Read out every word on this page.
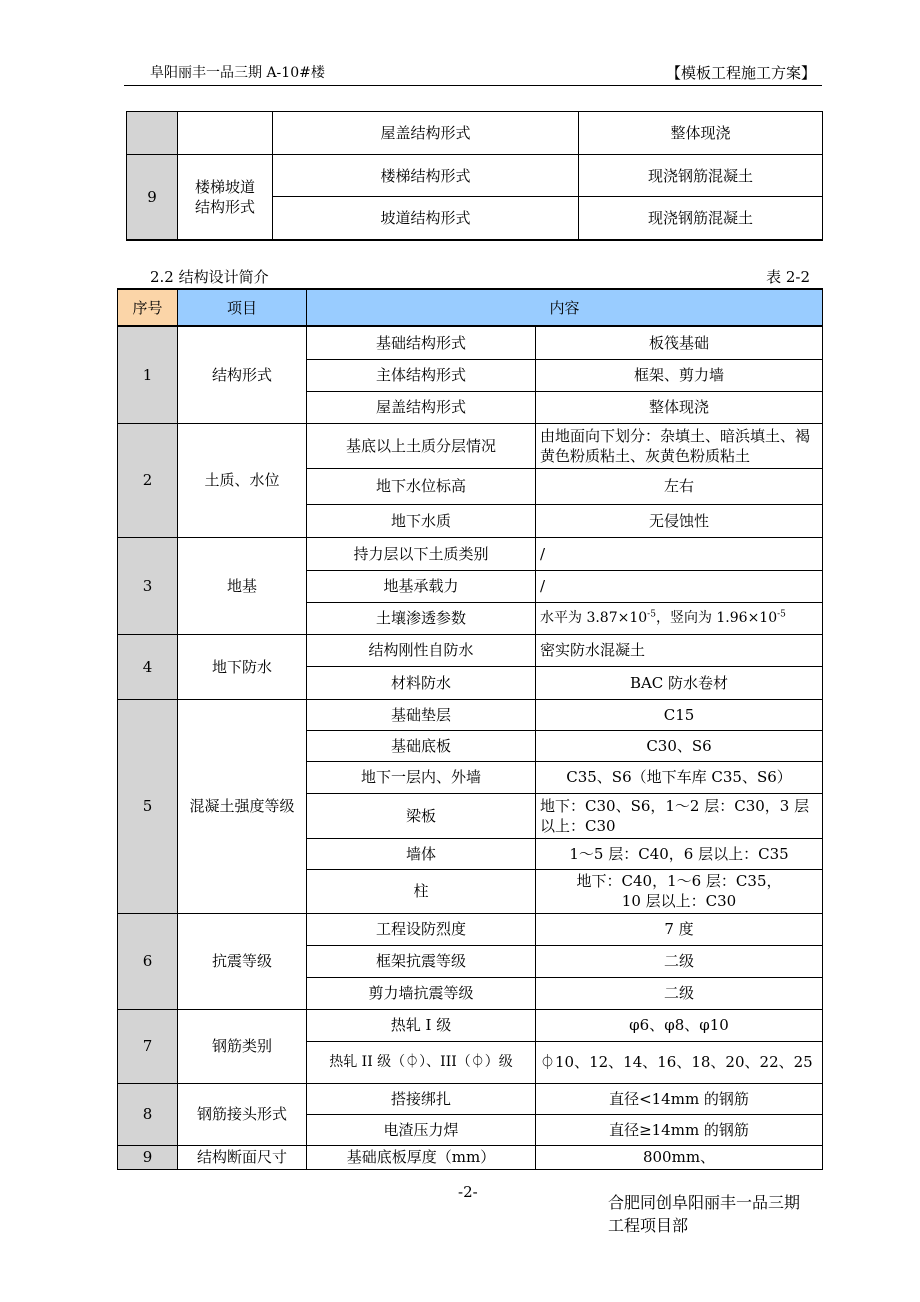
阜阳丽丰一品三期 A-10#楼	【模板工程施工方案】
		屋盖结构形式	整体现浇
9	楼梯坡道结构形式	楼梯结构形式	现浇钢筋混凝土
		坡道结构形式	现浇钢筋混凝土
2.2 结构设计简介	表 2-2
序号	项目	内容	
1	结构形式	基础结构形式	板筏基础
		主体结构形式	框架、剪力墙
		屋盖结构形式	整体现浇
2	土质、水位	基底以上土质分层情况	由地面向下划分：杂填土、暗浜填土、褐黄色粉质粘土、灰黄色粉质粘土
		地下水位标高	左右
		地下水质	无侵蚀性
3	地基	持力层以下土质类别	/
		地基承载力	/
		土壤渗透参数	水平为 $3.87\times 10^{-5}$，竖向为 $1.96\times 10^{-5}$
4	地下防水	结构刚性自防水	密实防水混凝土
		材料防水	BAC 防水卷材
5	混凝土强度等级	基础垫层	C15
		基础底板	C30、S6
		地下一层内、外墙	C35、S6（地下车库 C35、S6）
		梁板	地下：C30、S6，1～2 层：C30，3 层以上：C30
		墙体	1～5 层：C40，6 层以上：C35
		柱	地下：C40，1～6 层：C35，
10 层以上：C30

6	抗震等级	工程设防烈度	7 度
		框架抗震等级	二级
		剪力墙抗震等级	二级
7	钢筋类别	热轧 I 级	φ6、φ8、φ10
		热轧 II 级（⏀）、III（⏀）级	⏀10、12、14、16、18、20、22、25
8	钢筋接头形式	搭接绑扎	直径<14mm 的钢筋
		电渣压力焊	直径≥14mm 的钢筋
9	结构断面尺寸	基础底板厚度（mm）	800mm、
-2-
合肥同创阜阳丽丰一品三期
工程项目部
